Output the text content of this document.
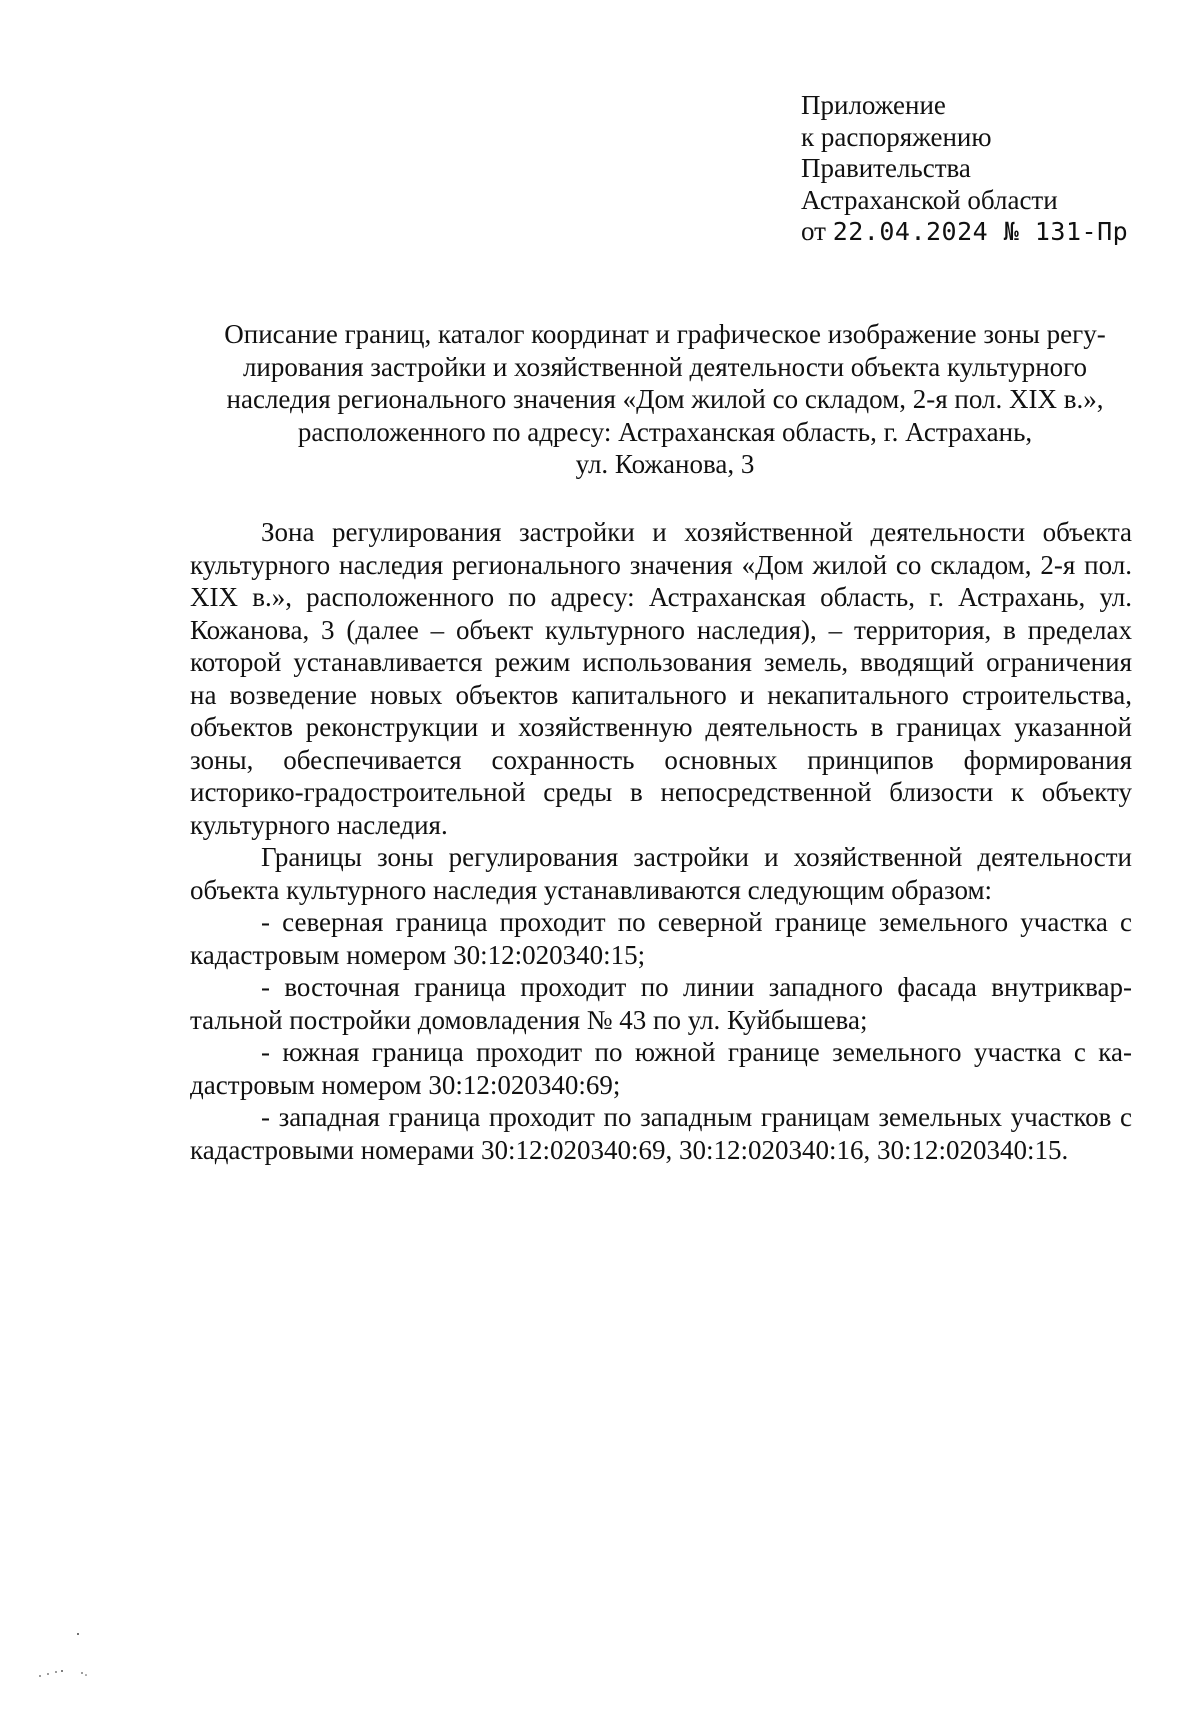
Приложение
к распоряжению
Правительства
Астраханской области
от 22.04.2024 № 131-Пр
Описание границ, каталог координат и графическое изображение зоны регу-
лирования застройки и хозяйственной деятельности объекта культурного
наследия регионального значения «Дом жилой со складом, 2-я пол. XIX в.»,
расположенного по адресу: Астраханская область, г. Астрахань,
ул. Кожанова, 3

Зона регулирования застройки и хозяйственной деятельности объекта культурного наследия регионального значения «Дом жилой со складом, 2-я пол. XIX в.», расположенного по адресу: Астраханская область, г. Астрахань, ул. Кожанова, 3 (далее – объект культурного наследия), – территория, в пределах которой устанавливается режим использования земель, вводящий ограничения на возведение новых объектов капитального и некапитального строительства, объектов реконструкции и хозяйственную деятельность в границах указанной зоны, обеспечивается сохранность основных принципов формирования историко-градостроительной среды в непосредственной близости к объекту культурного наследия.

Границы зоны регулирования застройки и хозяйственной деятельности объекта культурного наследия устанавливаются следующим образом:

- северная граница проходит по северной границе земельного участка с кадастровым номером 30:12:020340:15;

- восточная граница проходит по линии западного фасада внутриквартальной постройки домовладения № 43 по ул. Куйбышева;

- южная граница проходит по южной границе земельного участка с кадастровым номером 30:12:020340:69;

- западная граница проходит по западным границам земельных участков с кадастровыми номерами 30:12:020340:69, 30:12:020340:16, 30:12:020340:15.
